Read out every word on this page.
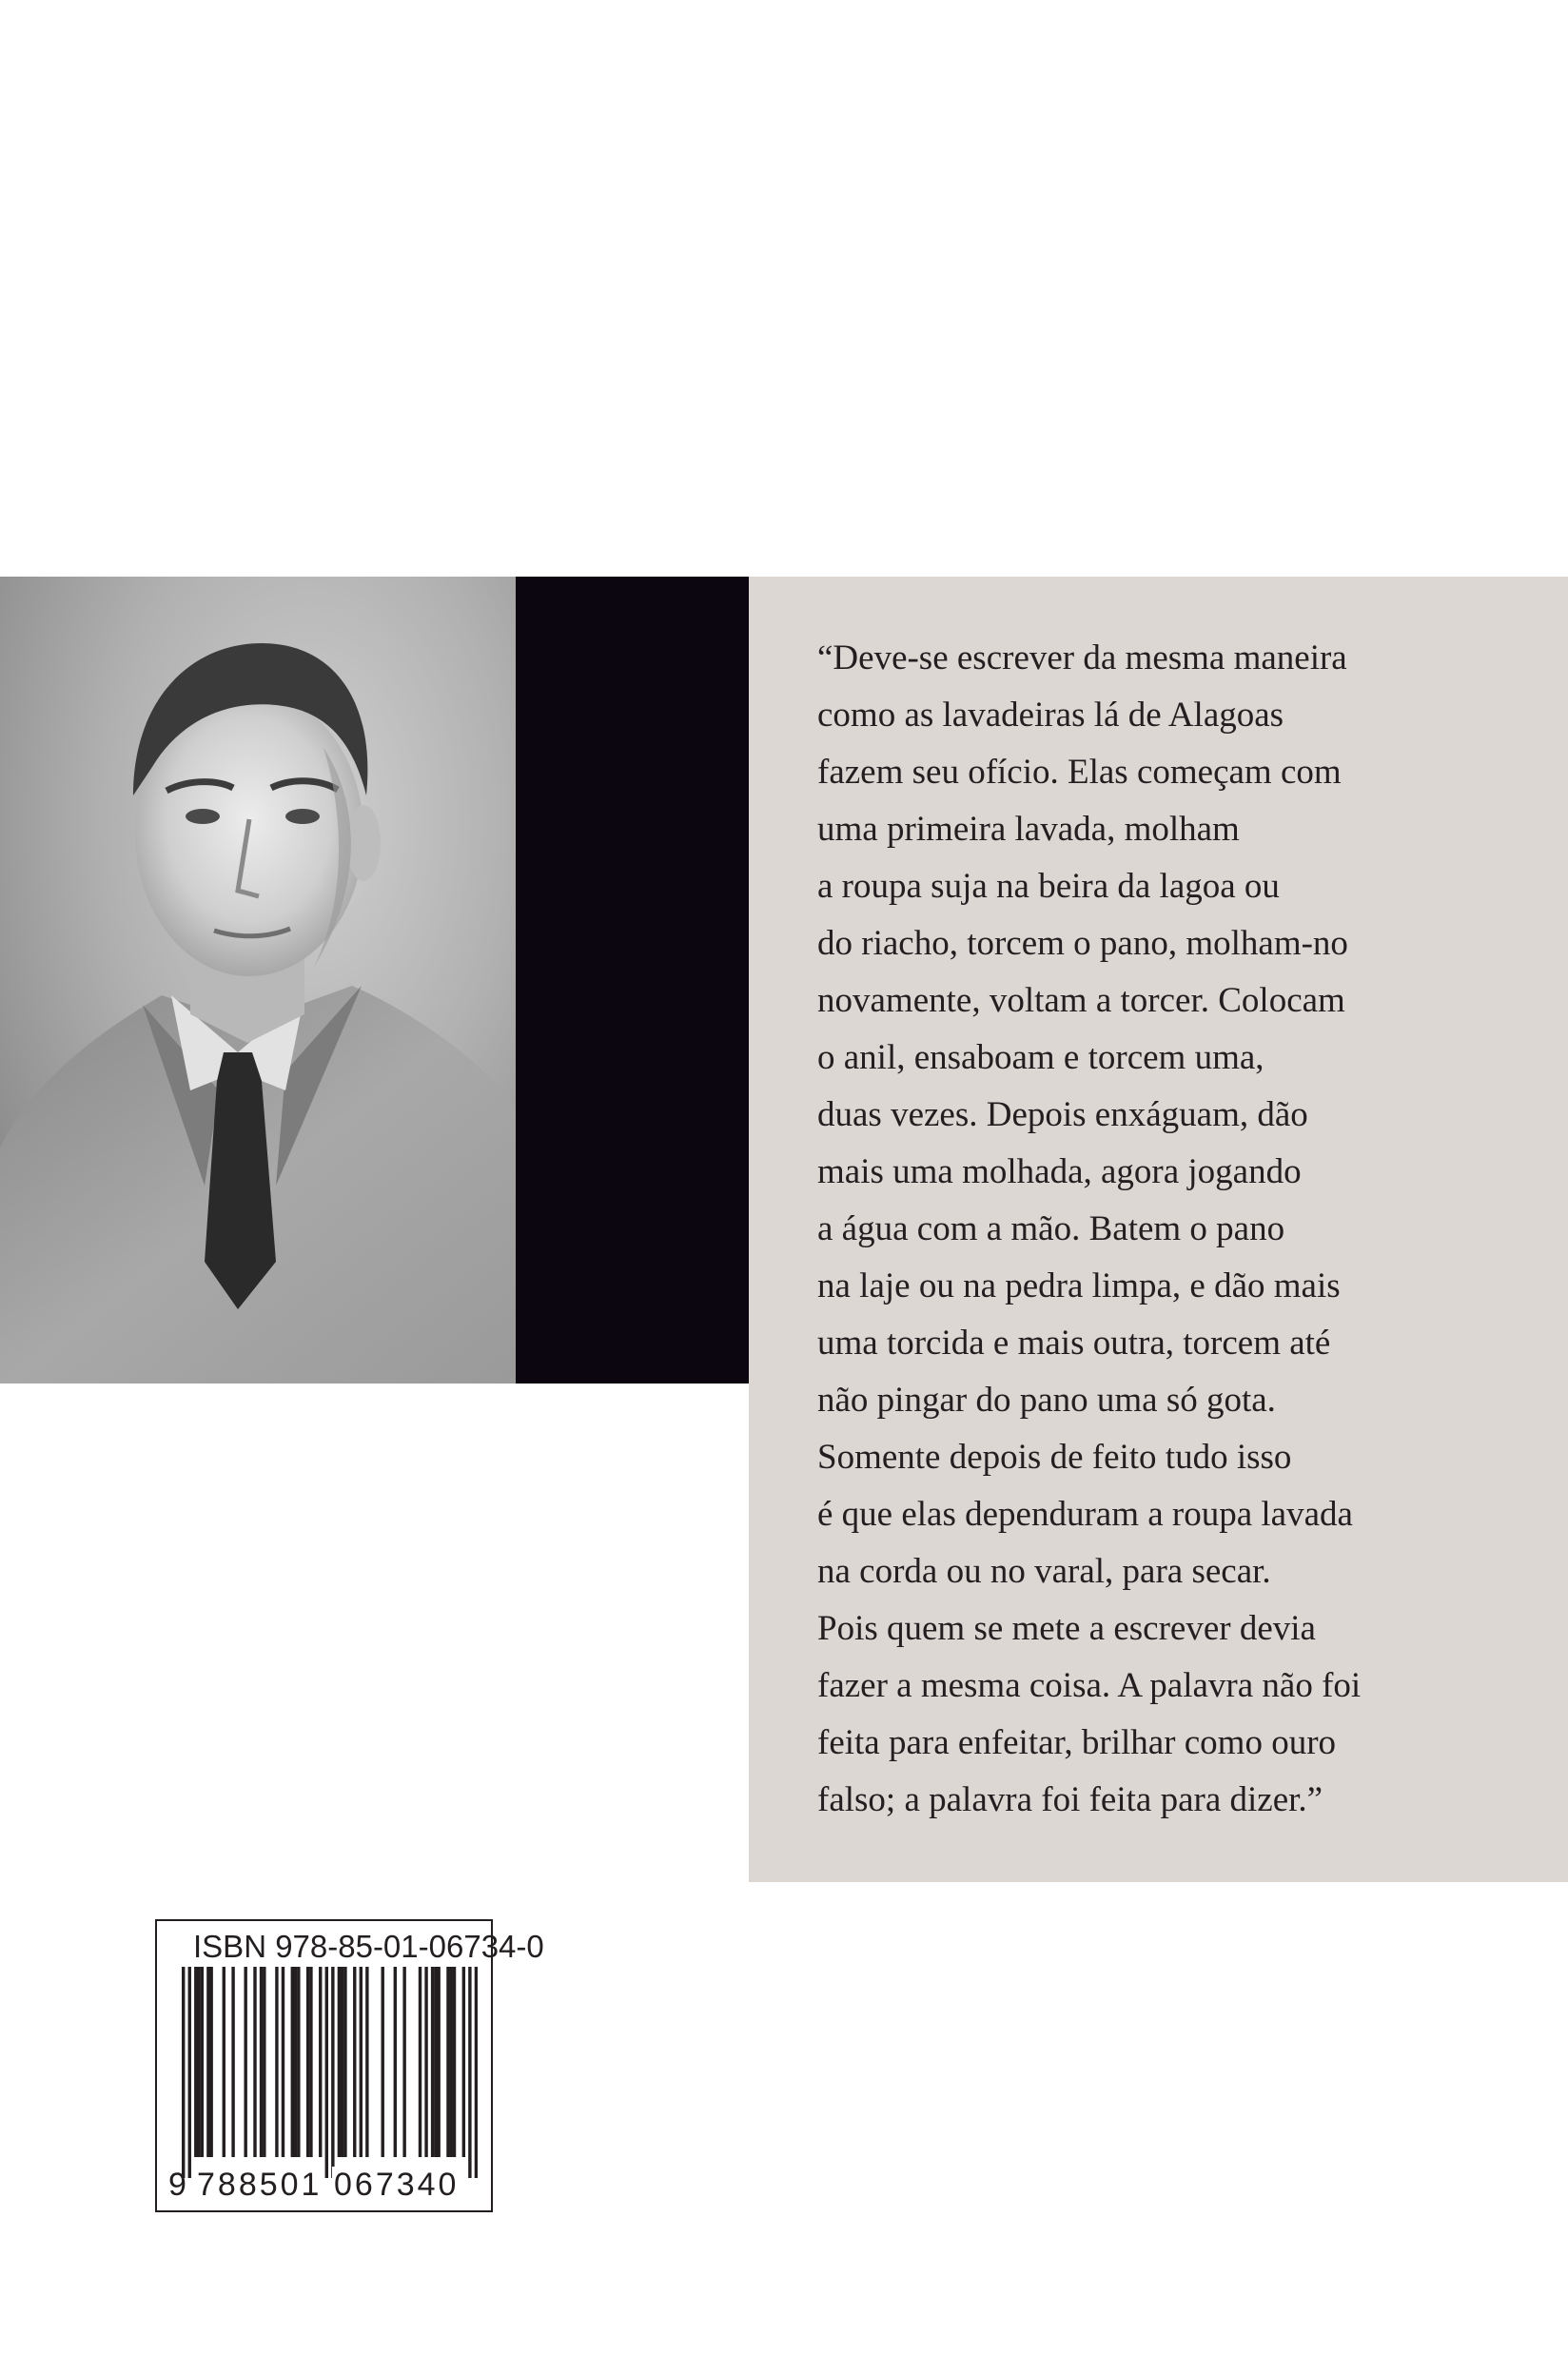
“Deve-se escrever da mesma maneira
como as lavadeiras lá de Alagoas
fazem seu ofício. Elas começam com
uma primeira lavada, molham
a roupa suja na beira da lagoa ou
do riacho, torcem o pano, molham-no
novamente, voltam a torcer. Colocam
o anil, ensaboam e torcem uma,
duas vezes. Depois enxáguam, dão
mais uma molhada, agora jogando
a água com a mão. Batem o pano
na laje ou na pedra limpa, e dão mais
uma torcida e mais outra, torcem até
não pingar do pano uma só gota.
Somente depois de feito tudo isso
é que elas dependuram a roupa lavada
na corda ou no varal, para secar.
Pois quem se mete a escrever devia
fazer a mesma coisa. A palavra não foi
feita para enfeitar, brilhar como ouro
falso; a palavra foi feita para dizer.”

ISBN 978-85-01-06734-0
9 788501 067340
